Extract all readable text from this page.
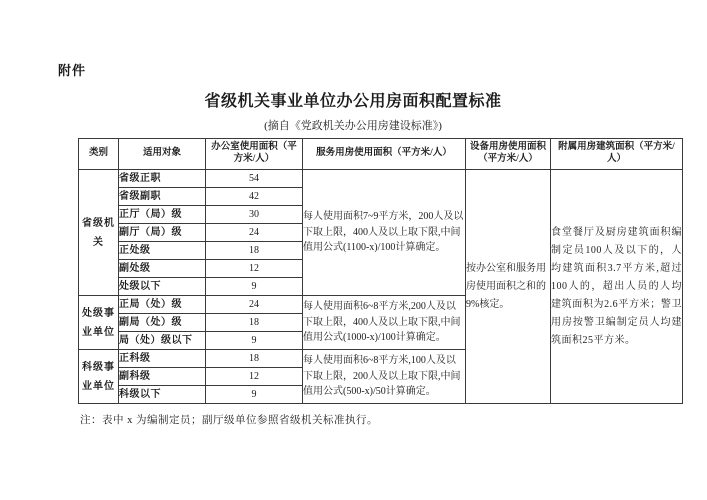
附件
省级机关事业单位办公用房面积配置标准
(摘自《党政机关办公用房建设标准》)
类别	适用对象	办公室使用面积（平方米/人）	服务用房使用面积（平方米/人）	设备用房使用面积（平方米/人）	附属用房建筑面积（平方米/人）
省级机关	省级正职	54	每人使用面积7~9平方米，200人及以下取上限，400人及以上取下限,中间值用公式(1100-x)/100计算确定。	按办公室和服务用房使用面积之和的9%核定。	食堂餐厅及厨房建筑面积编制定员100人及以下的，人均建筑面积3.7平方米,超过100人的，超出人员的人均建筑面积为2.6平方米；警卫用房按警卫编制定员人均建筑面积25平方米。
	省级副职	42			
	正厅（局）级	30			
	副厅（局）级	24			
	正处级	18			
	副处级	12			
	处级以下	9			
处级事业单位	正局（处）级	24	每人使用面积6~8平方米,200人及以下取上限，400人及以上取下限,中间值用公式(1000-x)/100计算确定。		
	副局（处）级	18			
	局（处）级以下	9			
科级事业单位	正科级	18	每人使用面积6~8平方米,100人及以下取上限，200人及以上取下限,中间值用公式(500-x)/50计算确定。		
	副科级	12			
	科级以下	9			
注：表中 x 为编制定员；副厅级单位参照省级机关标准执行。
